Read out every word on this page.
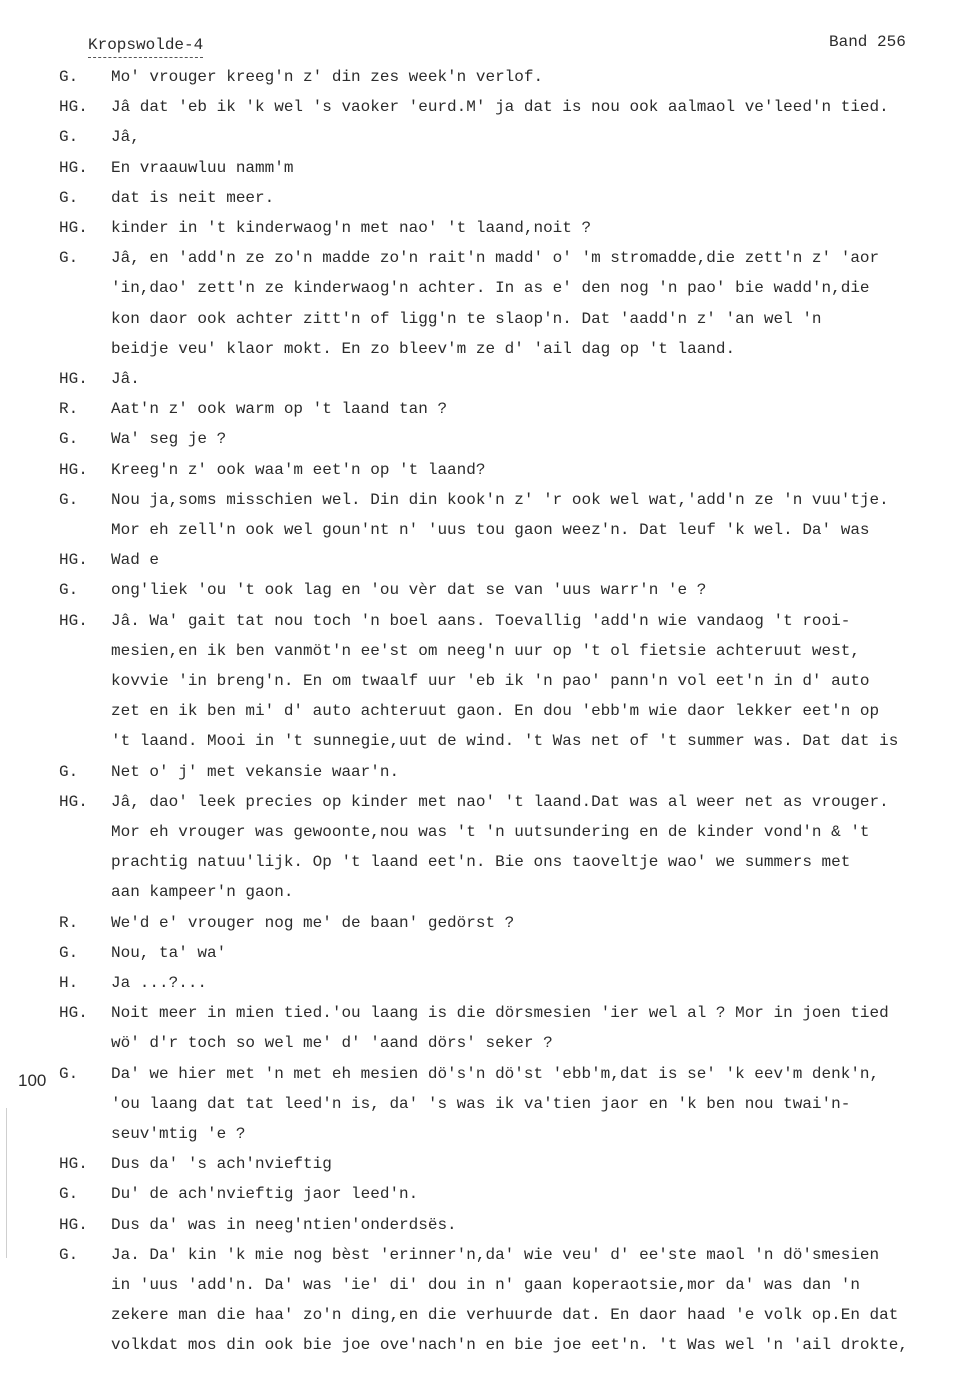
Kropswolde-4	Band 256
100
G. Mo' vrouger kreeg'n z' din zes week'n verlof.
HG. Jâ dat 'eb ik 'k wel 's vaoker 'eurd.M' ja dat is nou ook aalmaol ve'leed'n tied.
G. Jâ,
HG. En vraauwluu namm'm
G. dat is neit meer.
HG. kinder in 't kinderwaog'n met nao' 't laand,noit ?
G. Jâ, en 'add'n ze zo'n madde zo'n rait'n madd' o' 'm stromadde,die zett'n z' 'aor
'in,dao' zett'n ze kinderwaog'n achter. In as e' den nog 'n pao' bie wadd'n,die
kon daor ook achter zitt'n of ligg'n te slaop'n. Dat 'aadd'n z' 'an wel 'n
beidje veu' klaor mokt. En zo bleev'm ze d' 'ail dag op 't laand.
HG. Jâ.
R. Aat'n z' ook warm op 't laand tan ?
G. Wa' seg je ?
HG. Kreeg'n z' ook waa'm eet'n op 't laand?
G. Nou ja,soms misschien wel. Din din kook'n z' 'r ook wel wat,'add'n ze 'n vuu'tje.
Mor eh zell'n ook wel goun'nt n' 'uus tou gaon weez'n. Dat leuf 'k wel. Da' was
HG. Wad e
G. ong'liek 'ou 't ook lag en 'ou vèr dat se van 'uus warr'n 'e ?
HG. Jâ. Wa' gait tat nou toch 'n boel aans. Toevallig 'add'n wie vandaog 't rooi-
mesien,en ik ben vanmöt'n ee'st om neeg'n uur op 't ol fietsie achteruut west,
kovvie 'in breng'n. En om twaalf uur 'eb ik 'n pao' pann'n vol eet'n in d' auto
zet en ik ben mi' d' auto achteruut gaon. En dou 'ebb'm wie daor lekker eet'n op
't laand. Mooi in 't sunnegie,uut de wind. 't Was net of 't summer was. Dat dat is
G. Net o' j' met vekansie waar'n.
HG. Jâ, dao' leek precies op kinder met nao' 't laand.Dat was al weer net as vrouger.
Mor eh vrouger was gewoonte,nou was 't 'n uutsundering en de kinder vond'n & 't
prachtig natuu'lijk. Op 't laand eet'n. Bie ons taoveltje wao' we summers met
aan kampeer'n gaon.
R. We'd e' vrouger nog me' de baan' gedörst ?
G. Nou, ta' wa'
H. Ja ...?...
HG. Noit meer in mien tied.'ou laang is die dörsmesien 'ier wel al ? Mor in joen tied
wö' d'r toch so wel me' d' 'aand dörs' seker ?
G. Da' we hier met 'n met eh mesien dö's'n dö'st 'ebb'm,dat is se' 'k eev'm denk'n,
'ou laang dat tat leed'n is, da' 's was ik va'tien jaor en 'k ben nou twai'n-
seuv'mtig 'e ?
HG. Dus da' 's ach'nvieftig
G. Du' de ach'nvieftig jaor leed'n.
HG. Dus da' was in neeg'ntien'onderdsës.
G. Ja. Da' kin 'k mie nog bèst 'erinner'n,da' wie veu' d' ee'ste maol 'n dö'smesien
in 'uus 'add'n. Da' was 'ie' di' dou in n' gaan koperaotsie,mor da' was dan 'n
zekere man die haa' zo'n ding,en die verhuurde dat. En daor haad 'e volk op.En dat
volkdat mos din ook bie joe ove'nach'n en bie joe eet'n. 't Was wel 'n 'ail drokte,
